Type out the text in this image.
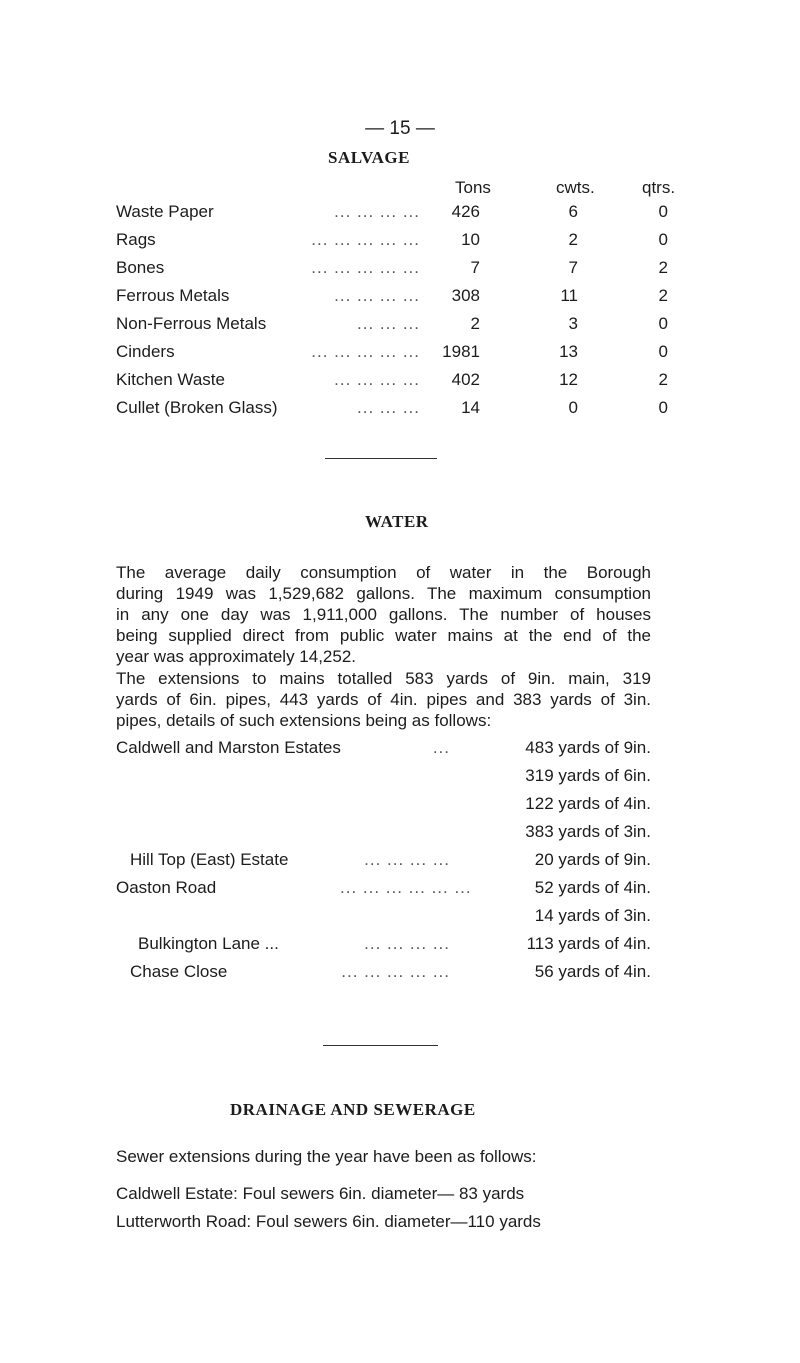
— 15 —
SALVAGE
Tons	cwts.	qtrs.
Waste Paper	... ... ... ...	426	6	0
Rags	... ... ... ... ...	10	2	0
Bones	... ... ... ... ...	7	7	2
Ferrous Metals	... ... ... ...	308	11	2
Non-Ferrous Metals	... ... ...	2	3	0
Cinders	... ... ... ... ...	1981	13	0
Kitchen Waste	... ... ... ...	402	12	2
Cullet (Broken Glass)	... ... ...	14	0	0
WATER
The average daily consumption of water in the Borough
during 1949 was 1,529,682 gallons. The maximum consumption
in any one day was 1,911,000 gallons. The number of houses
being supplied direct from public water mains at the end of the
year was approximately 14,252.
The extensions to mains totalled 583 yards of 9in. main, 319
yards of 6in. pipes, 443 yards of 4in. pipes and 383 yards of 3in.
pipes, details of such extensions being as follows:
Caldwell and Marston Estates	...	483 yards of 9in.
319 yards of 6in.
122 yards of 4in.
383 yards of 3in.
Hill Top (East) Estate	... ... ... ...	20 yards of 9in.
Oaston Road	... ... ... ... ... ...	52 yards of 4in.
14 yards of 3in.
Bulkington Lane ...	... ... ... ...	113 yards of 4in.
Chase Close	... ... ... ... ...	56 yards of 4in.
DRAINAGE AND SEWERAGE
Sewer extensions during the year have been as follows:
Caldwell Estate: Foul sewers 6in. diameter— 83 yards
Lutterworth Road: Foul sewers 6in. diameter—110 yards
